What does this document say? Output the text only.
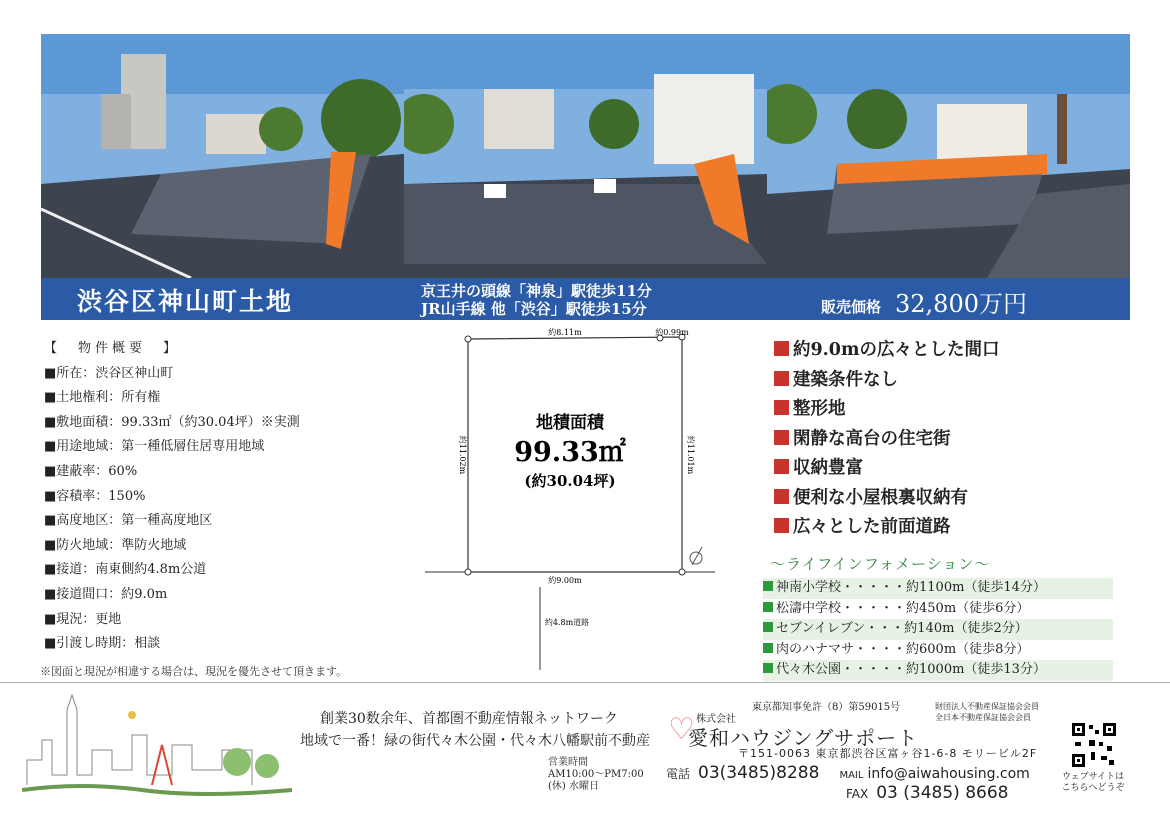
渋谷区神山町土地	京王井の頭線「神泉」駅徒歩11分
JR山手線 他「渋谷」駅徒歩15分	販売価格 32,800万円
【　物件概要　】
■所在：渋谷区神山町
■土地権利：所有権
■敷地面積：99.33㎡（約30.04坪）※実測
■用途地域：第一種低層住居専用地域
■建蔽率：60%
■容積率：150%
■高度地区：第一種高度地区
■防火地域：準防火地域
■接道：南東側約4.8m公道
■接道間口：約9.0m
■現況：更地
■引渡し時期：相談
※図面と現況が相違する場合は、現況を優先させて頂きます。
約8.11m	約0.99m
約11.02m	約11.01m
約9.00m
約4.8m道路
地積面積
99.33㎡
(約30.04坪)
約9.0mの広々とした間口
建築条件なし
整形地
閑静な高台の住宅街
収納豊富
便利な小屋根裏収納有
広々とした前面道路
～ライフインフォメーション～
神南小学校・・・・・約1100m（徒歩14分）
松濤中学校・・・・・約450m（徒歩6分）
セブンイレブン・・・約140m（徒歩2分）
肉のハナマサ・・・・約600m（徒歩8分）
代々木公園・・・・・約1000m（徒歩13分）
創業30数余年、首都圏不動産情報ネットワーク
地域で一番！緑の街代々木公園・代々木八幡駅前不動産
営業時間
AM10:00～PM7:00
(休) 水曜日
♡
東京都知事免許（8）第59015号	財団法人不動産保証協会会員
全日本不動産保証協会会員
株式会社
愛和ハウジングサポート
〒151-0063 東京都渋谷区富ヶ谷1-6-8 モリービル2F
電話 03(3485)8288 MAIL info@aiwahousing.com
FAX 03 (3485) 8668
ウェブサイトは
こちらへどうぞ
